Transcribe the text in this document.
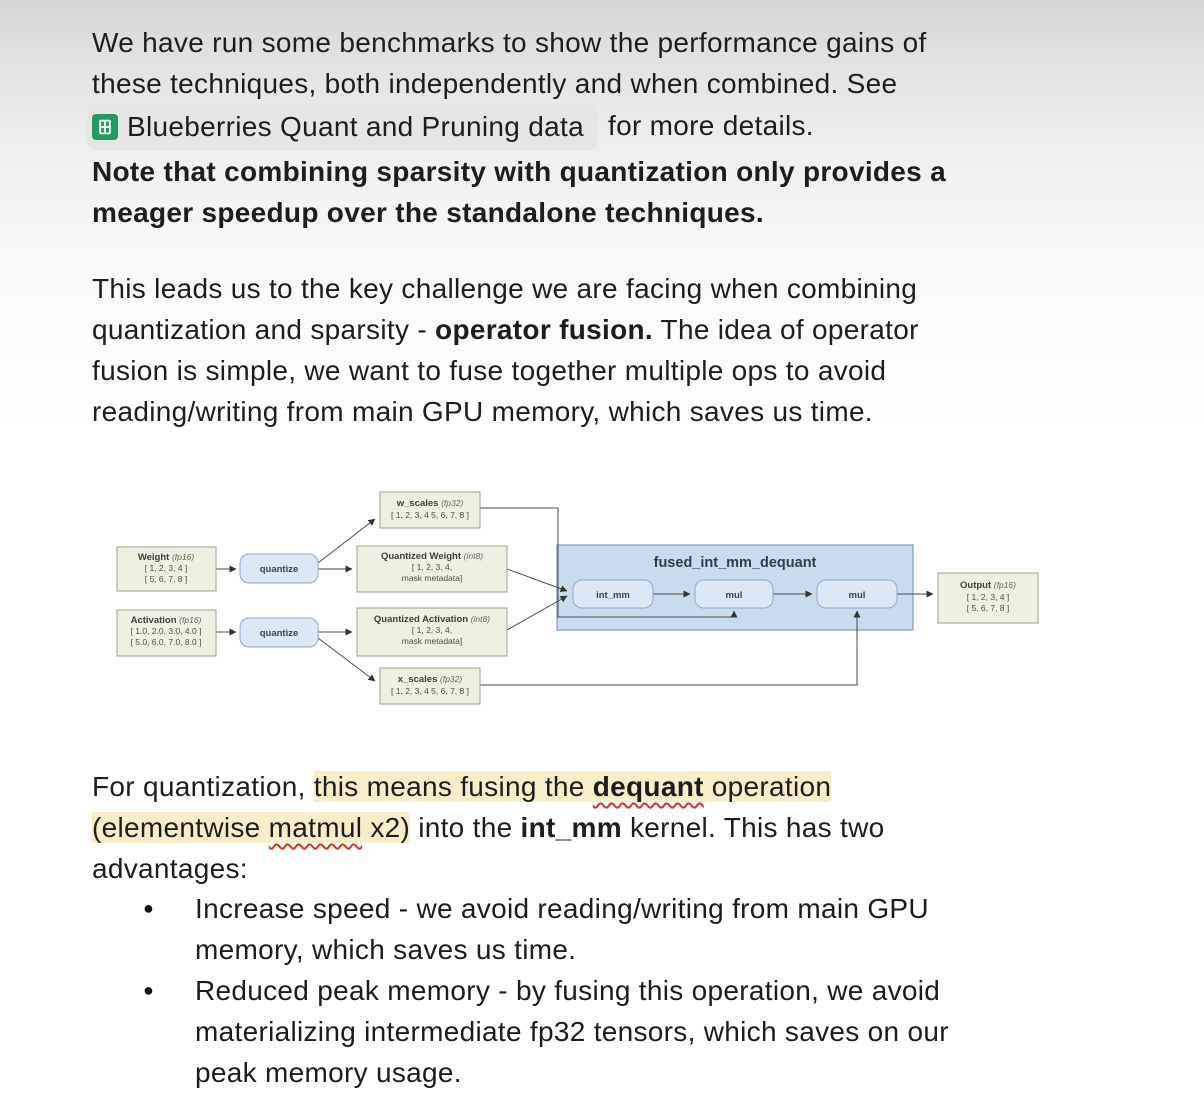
We have run some benchmarks to show the performance gains of
these techniques, both independently and when combined. See

Blueberries Quant and Pruning data for more details.
Note that combining sparsity with quantization only provides a
meager speedup over the standalone techniques.
This leads us to the key challenge we are facing when combining
quantization and sparsity - operator fusion. The idea of operator
fusion is simple, we want to fuse together multiple ops to avoid
reading/writing from main GPU memory, which saves us time.
fused_int_mm_dequant
Weight (fp16)
[ 1, 2, 3, 4 ]
[ 5, 6, 7, 8 ]
Activation (fp16)
[ 1.0, 2.0, 3.0, 4.0 ]
[ 5.0, 6.0, 7.0, 8.0 ]
quantize
quantize
w_scales (fp32)
[ 1, 2, 3, 4 5, 6, 7, 8 ]
Quantized Weight (int8)
[ 1, 2, 3, 4,
mask metadata]
Quantized Activation (int8)
[ 1, 2, 3, 4,
mask metadata]
x_scales (fp32)
[ 1, 2, 3, 4 5, 6, 7, 8 ]
int_mm	mul	mul
Output (fp16)
[ 1, 2, 3, 4 ]
[ 5, 6, 7, 8 ]
For quantization, this means fusing the dequant operation
(elementwise matmul x2) into the int_mm kernel. This has two
advantages:
●	Increase speed - we avoid reading/writing from main GPU
memory, which saves us time.
●	Reduced peak memory - by fusing this operation, we avoid
materializing intermediate fp32 tensors, which saves on our
peak memory usage.
